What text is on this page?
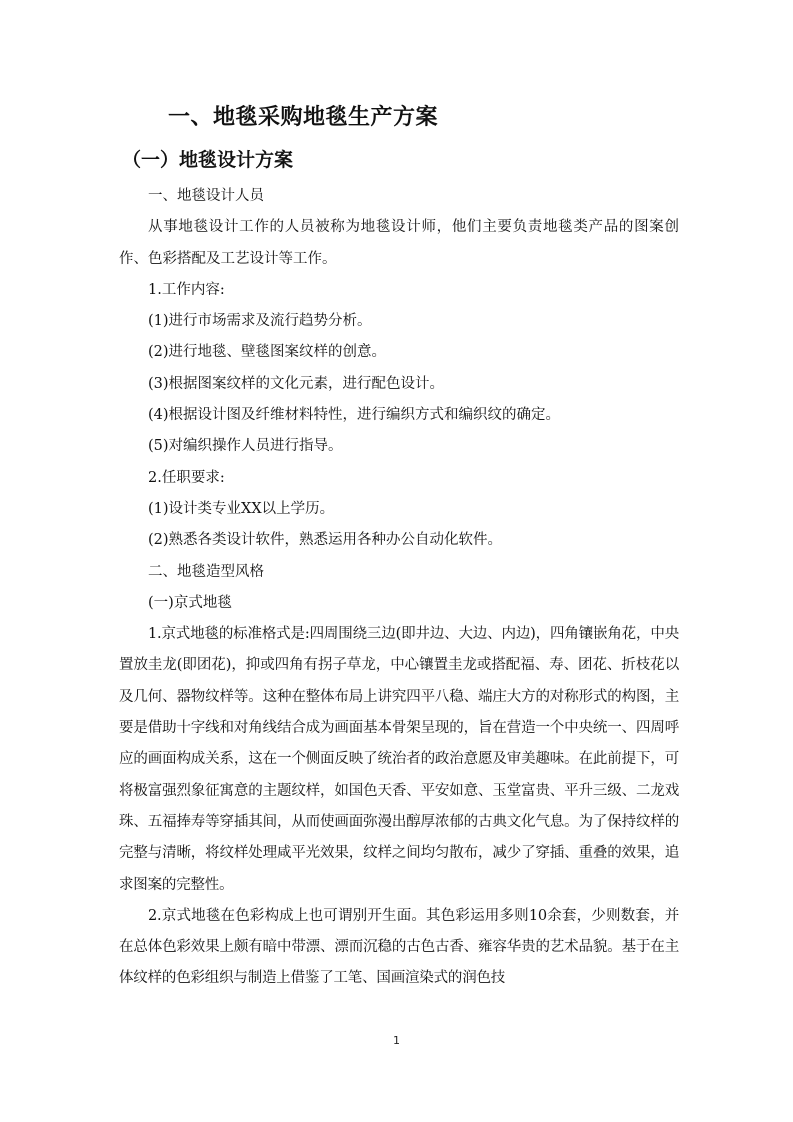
一、地毯采购地毯生产方案
（一）地毯设计方案

一、地毯设计人员

从事地毯设计工作的人员被称为地毯设计师，他们主要负责地毯类产品的图案创作、色彩搭配及工艺设计等工作。

1.工作内容:

(1)进行市场需求及流行趋势分析。

(2)进行地毯、壁毯图案纹样的创意。

(3)根据图案纹样的文化元素，进行配色设计。

(4)根据设计图及纤维材料特性，进行编织方式和编织纹的确定。

(5)对编织操作人员进行指导。

2.任职要求:

(1)设计类专业XX以上学历。

(2)熟悉各类设计软件，熟悉运用各种办公自动化软件。

二、地毯造型风格

(一)京式地毯

1.京式地毯的标准格式是:四周围绕三边(即井边、大边、内边)，四角镶嵌角花，中央置放圭龙(即团花)，抑或四角有拐子草龙，中心镶置圭龙或搭配福、寿、团花、折枝花以及几何、器物纹样等。这种在整体布局上讲究四平八稳、端庄大方的对称形式的构图，主要是借助十字线和对角线结合成为画面基本骨架呈现的，旨在营造一个中央统一、四周呼应的画面构成关系，这在一个侧面反映了统治者的政治意愿及审美趣味。在此前提下，可将极富强烈象征寓意的主题纹样，如国色天香、平安如意、玉堂富贵、平升三级、二龙戏珠、五福捧寿等穿插其间，从而使画面弥漫出醇厚浓郁的古典文化气息。为了保持纹样的完整与清晰，将纹样处理咸平光效果，纹样之间均匀散布，减少了穿插、重叠的效果，追求图案的完整性。

2.京式地毯在色彩构成上也可谓别开生面。其色彩运用多则10余套，少则数套，并在总体色彩效果上颇有暗中带漂、漂而沉稳的古色古香、雍容华贵的艺术品貌。基于在主体纹样的色彩组织与制造上借鉴了工笔、国画渲染式的润色技

1
